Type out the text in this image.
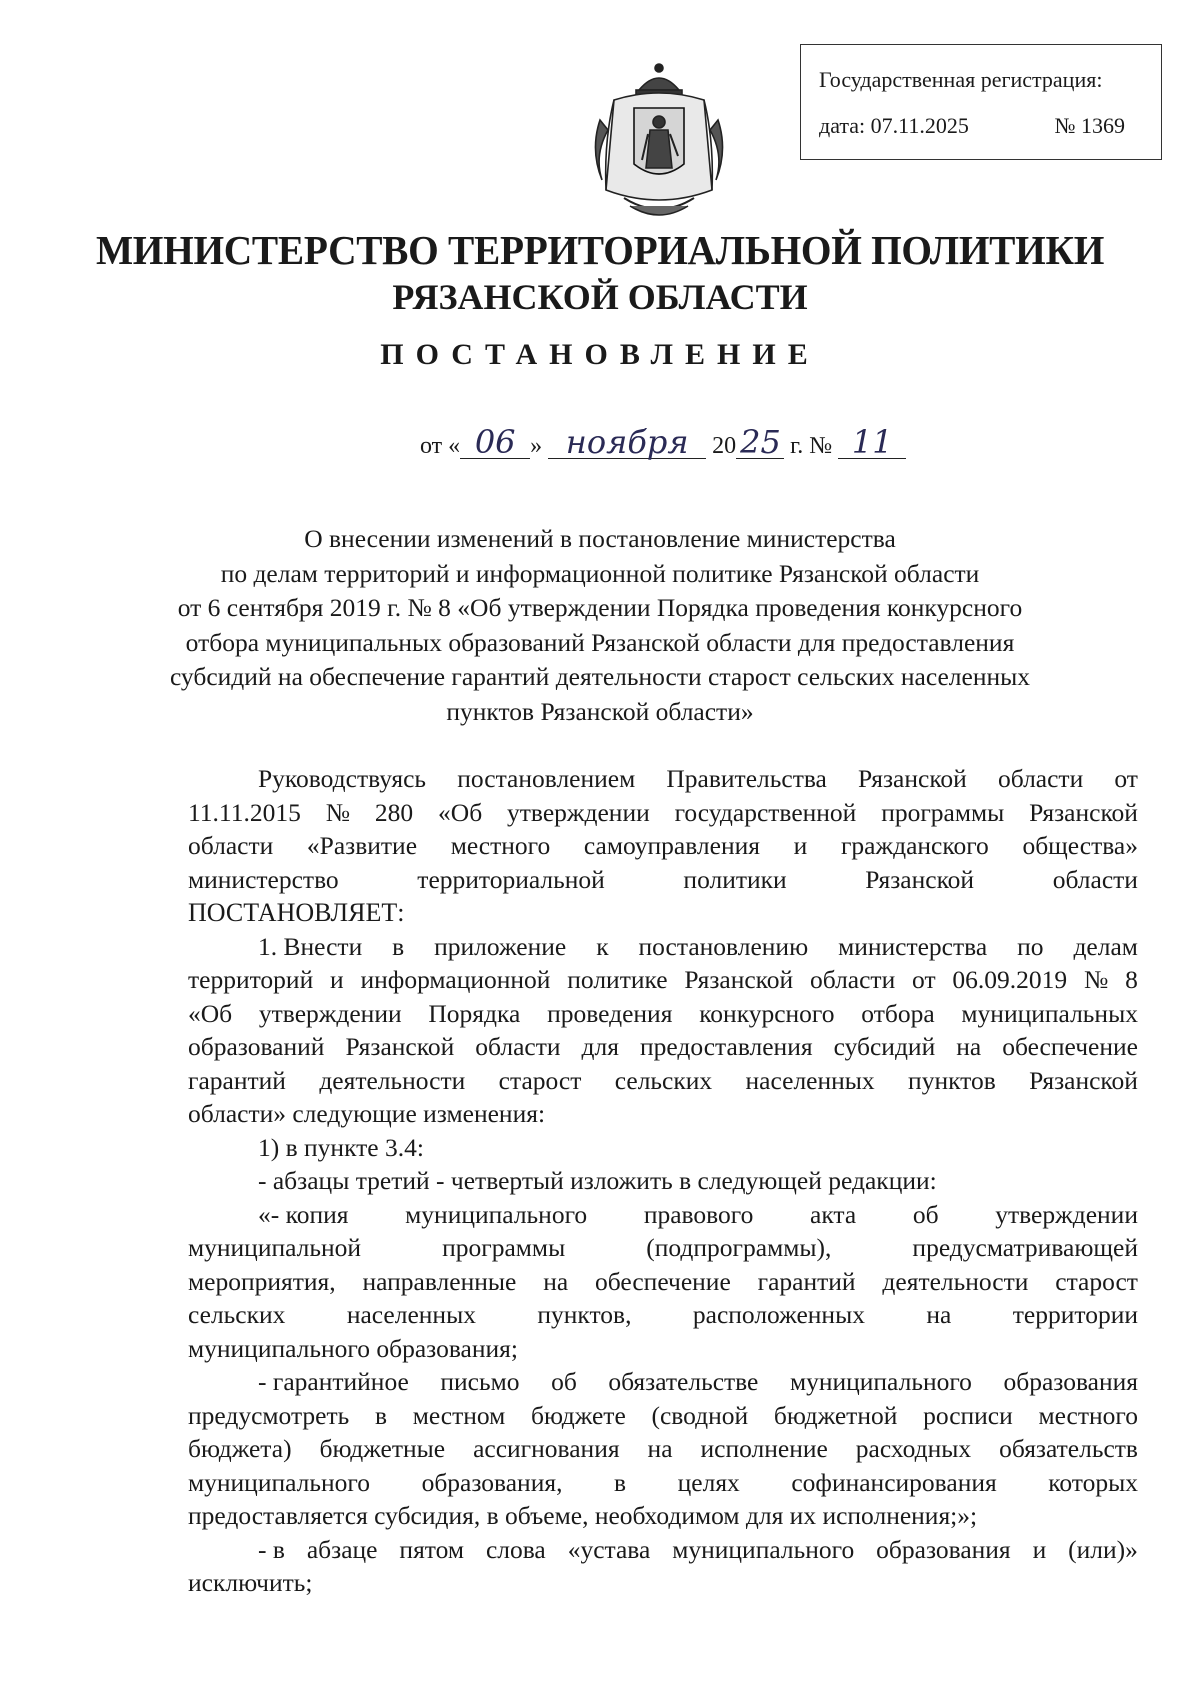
Государственная регистрация:
дата: 07.11.2025	№ 1369
МИНИСТЕРСТВО ТЕРРИТОРИАЛЬНОЙ ПОЛИТИКИ
РЯЗАНСКОЙ ОБЛАСТИ
ПОСТАНОВЛЕНИЕ
от « 06 » ноября 20 25 г. № 11
О внесении изменений в постановление министерства
по делам территорий и информационной политике Рязанской области
от 6 сентября 2019 г. № 8 «Об утверждении Порядка проведения конкурсного
отбора муниципальных образований Рязанской области для предоставления
субсидий на обеспечение гарантий деятельности старост сельских населенных
пунктов Рязанской области»
Руководствуясь постановлением Правительства Рязанской области от
11.11.2015 № 280 «Об утверждении государственной программы Рязанской
области «Развитие местного самоуправления и гражданского общества»
министерство	территориальной	политики	Рязанской	области
ПОСТАНОВЛЯЕТ:
1. Внести в приложение к постановлению министерства по делам
территорий и информационной политике Рязанской области от 06.09.2019 № 8
«Об утверждении Порядка проведения конкурсного отбора муниципальных
образований Рязанской области для предоставления субсидий на обеспечение
гарантий деятельности старост сельских населенных пунктов Рязанской
области» следующие изменения:
1) в пункте 3.4:
- абзацы третий - четвертый изложить в следующей редакции:
«- копия муниципального правового акта об утверждении
муниципальной	программы	(подпрограммы),	предусматривающей
мероприятия, направленные на обеспечение гарантий деятельности старост
сельских населенных пунктов, расположенных на территории
муниципального образования;
- гарантийное письмо об обязательстве муниципального образования
предусмотреть в местном бюджете (сводной бюджетной росписи местного
бюджета) бюджетные ассигнования на исполнение расходных обязательств
муниципального образования, в целях софинансирования которых
предоставляется субсидия, в объеме, необходимом для их исполнения;»;
- в абзаце пятом слова «устава муниципального образования и (или)»
исключить;
